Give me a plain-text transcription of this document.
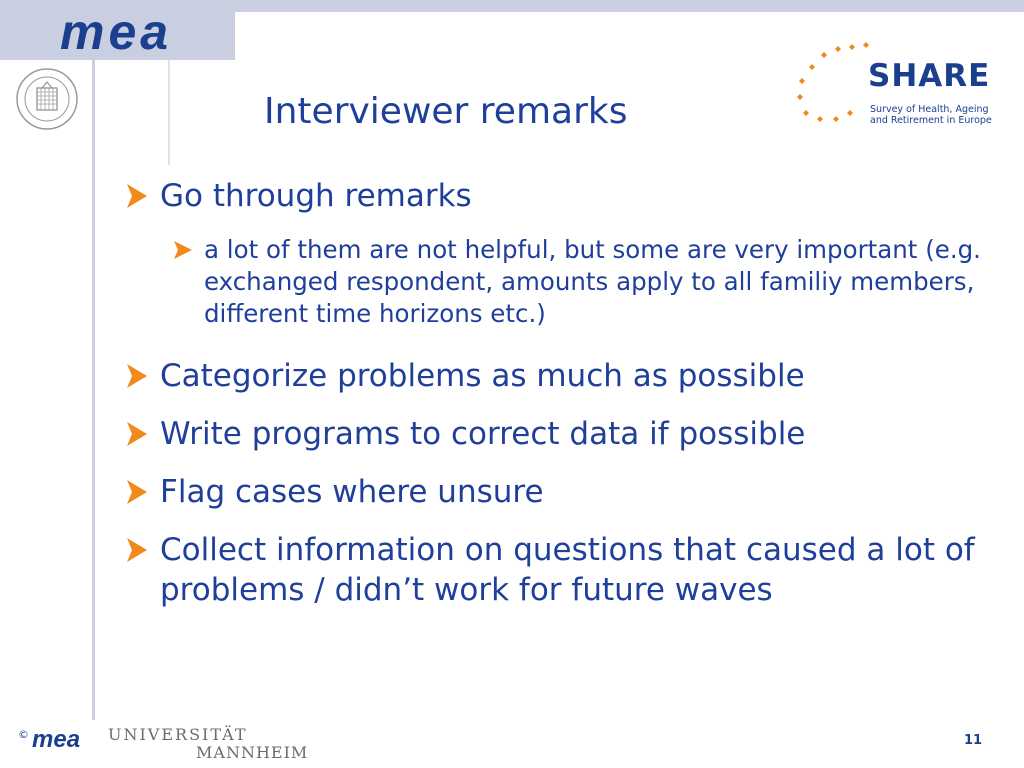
mea
Interviewer remarks
SHARE
Survey of Health, Ageing
and Retirement in Europe
Go through remarks
a lot of them are not helpful, but some are very important (e.g. exchanged respondent, amounts apply to all familiy members, different time horizons etc.)
Categorize problems as much as possible
Write programs to correct data if possible
Flag cases where unsure
Collect information on questions that caused a lot of problems / didn’t work for future waves
© mea UNIVERSITÄT
MANNHEIM
11
